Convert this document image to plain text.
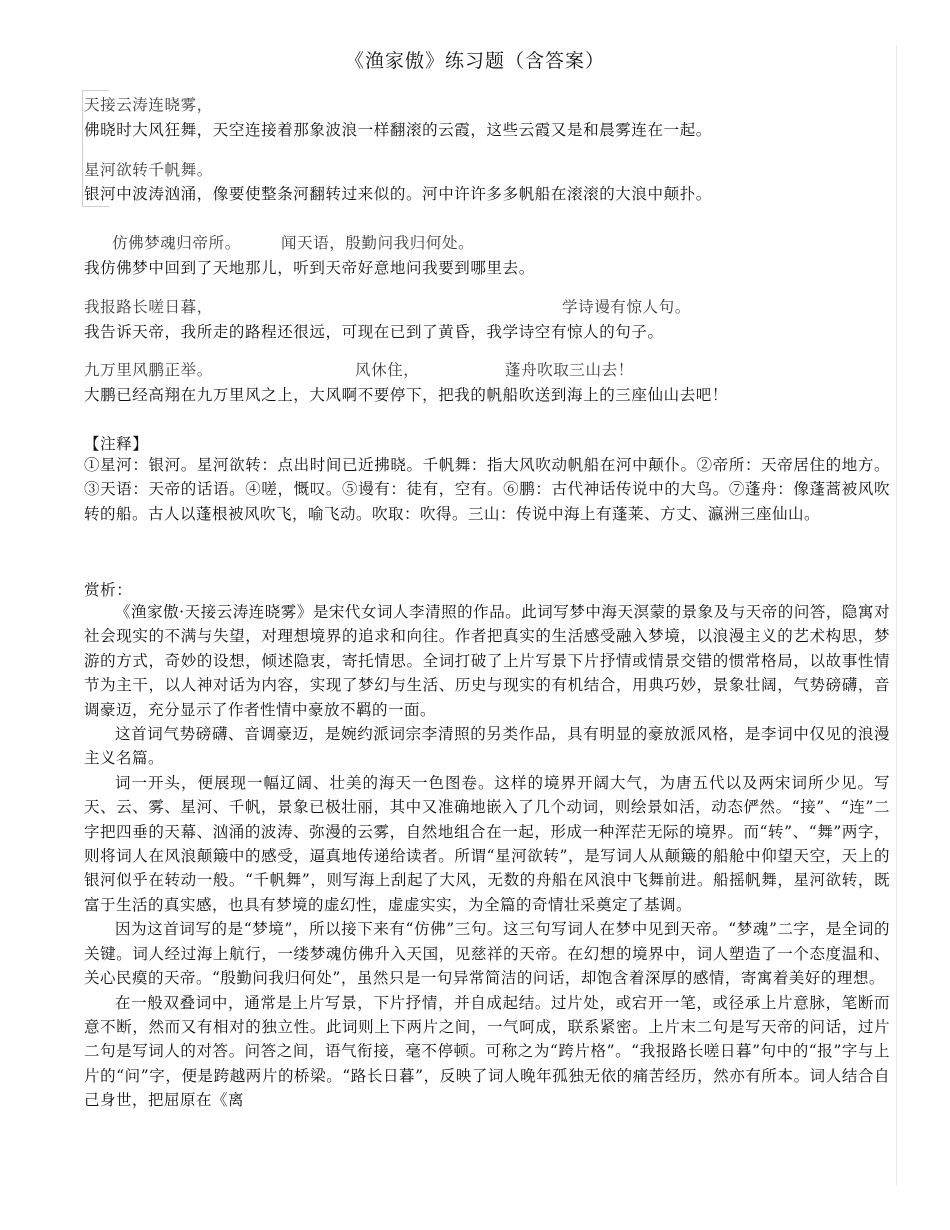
《渔家傲》练习题（含答案）
天接云涛连晓雾，
佛晓时大风狂舞，天空连接着那象波浪一样翻滚的云霞，这些云霞又是和晨雾连在一起。
星河欲转千帆舞。
银河中波涛汹涌，像要使整条河翻转过来似的。河中许许多多帆船在滚滚的大浪中颠扑。
仿佛梦魂归帝所。	闻天语，殷勤问我归何处。
我仿佛梦中回到了天地那儿，听到天帝好意地问我要到哪里去。
我报路长嗟日暮，	学诗谩有惊人句。
我告诉天帝，我所走的路程还很远，可现在已到了黄昏，我学诗空有惊人的句子。
九万里风鹏正举。	风休住，	蓬舟吹取三山去！
大鹏已经高翔在九万里风之上，大风啊不要停下，把我的帆船吹送到海上的三座仙山去吧！
【注释】

①星河：银河。星河欲转：点出时间已近拂晓。千帆舞：指大风吹动帆船在河中颠仆。②帝所：天帝居住的地方。③天语：天帝的话语。④嗟，慨叹。⑤谩有：徒有，空有。⑥鹏：古代神话传说中的大鸟。⑦蓬舟：像蓬蒿被风吹转的船。古人以蓬根被风吹飞，喻飞动。吹取：吹得。三山：传说中海上有蓬莱、方丈、瀛洲三座仙山。

赏析：

《渔家傲·天接云涛连晓雾》是宋代女词人李清照的作品。此词写梦中海天溟蒙的景象及与天帝的问答，隐寓对社会现实的不满与失望，对理想境界的追求和向往。作者把真实的生活感受融入梦境，以浪漫主义的艺术构思，梦游的方式，奇妙的设想，倾述隐衷，寄托情思。全词打破了上片写景下片抒情或情景交错的惯常格局，以故事性情节为主干，以人神对话为内容，实现了梦幻与生活、历史与现实的有机结合，用典巧妙，景象壮阔，气势磅礴，音调豪迈，充分显示了作者性情中豪放不羁的一面。

这首词气势磅礴、音调豪迈，是婉约派词宗李清照的另类作品，具有明显的豪放派风格，是李词中仅见的浪漫主义名篇。

词一开头，便展现一幅辽阔、壮美的海天一色图卷。这样的境界开阔大气，为唐五代以及两宋词所少见。写天、云、雾、星河、千帆，景象已极壮丽，其中又准确地嵌入了几个动词，则绘景如活，动态俨然。“接”、“连”二字把四垂的天幕、汹涌的波涛、弥漫的云雾，自然地组合在一起，形成一种浑茫无际的境界。而“转”、“舞”两字，则将词人在风浪颠簸中的感受，逼真地传递给读者。所谓“星河欲转”，是写词人从颠簸的船舱中仰望天空，天上的银河似乎在转动一般。“千帆舞”，则写海上刮起了大风，无数的舟船在风浪中飞舞前进。船摇帆舞，星河欲转，既富于生活的真实感，也具有梦境的虚幻性，虚虚实实，为全篇的奇情壮采奠定了基调。

因为这首词写的是“梦境”，所以接下来有“仿佛”三句。这三句写词人在梦中见到天帝。“梦魂”二字，是全词的关键。词人经过海上航行，一缕梦魂仿佛升入天国，见慈祥的天帝。在幻想的境界中，词人塑造了一个态度温和、关心民瘼的天帝。“殷勤问我归何处”，虽然只是一句异常简洁的问话，却饱含着深厚的感情，寄寓着美好的理想。

在一般双叠词中，通常是上片写景，下片抒情，并自成起结。过片处，或宕开一笔，或径承上片意脉，笔断而意不断，然而又有相对的独立性。此词则上下两片之间，一气呵成，联系紧密。上片末二句是写天帝的问话，过片二句是写词人的对答。问答之间，语气衔接，毫不停顿。可称之为“跨片格”。“我报路长嗟日暮”句中的“报”字与上片的“问”字，便是跨越两片的桥梁。“路长日暮”，反映了词人晚年孤独无依的痛苦经历，然亦有所本。词人结合自己身世，把屈原在《离
